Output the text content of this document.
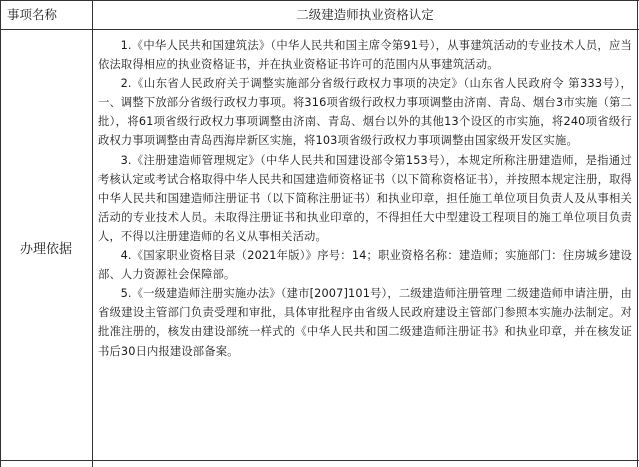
事项名称	二级建造师执业资格认定
办理依据

1.《中华人民共和国建筑法》（中华人民共和国主席令第91号），从事建筑活动的专业技术人员，应当依法取得相应的执业资格证书，并在执业资格证书许可的范围内从事建筑活动。

2.《山东省人民政府关于调整实施部分省级行政权力事项的决定》（山东省人民政府令 第333号），一、调整下放部分省级行政权力事项。将316项省级行政权力事项调整由济南、青岛、烟台3市实施（第二批），将61项省级行政权力事项调整由济南、青岛、烟台以外的其他13个设区的市实施，将240项省级行政权力事项调整由青岛西海岸新区实施，将103项省级行政权力事项调整由国家级开发区实施。

3.《注册建造师管理规定》（中华人民共和国建设部令第153号），本规定所称注册建造师，是指通过考核认定或考试合格取得中华人民共和国建造师资格证书（以下简称资格证书），并按照本规定注册，取得中华人民共和国建造师注册证书（以下简称注册证书）和执业印章，担任施工单位项目负责人及从事相关活动的专业技术人员。未取得注册证书和执业印章的，不得担任大中型建设工程项目的施工单位项目负责人，不得以注册建造师的名义从事相关活动。

4.《国家职业资格目录（2021年版）》序号：14；职业资格名称：建造师；实施部门：住房城乡建设部、人力资源社会保障部。

5.《一级建造师注册实施办法》（建市[2007]101号），二级建造师注册管理 二级建造师申请注册，由省级建设主管部门负责受理和审批，具体审批程序由省级人民政府建设主管部门参照本实施办法制定。对批准注册的，核发由建设部统一样式的《中华人民共和国二级建造师注册证书》和执业印章，并在核发证书后30日内报建设部备案。
